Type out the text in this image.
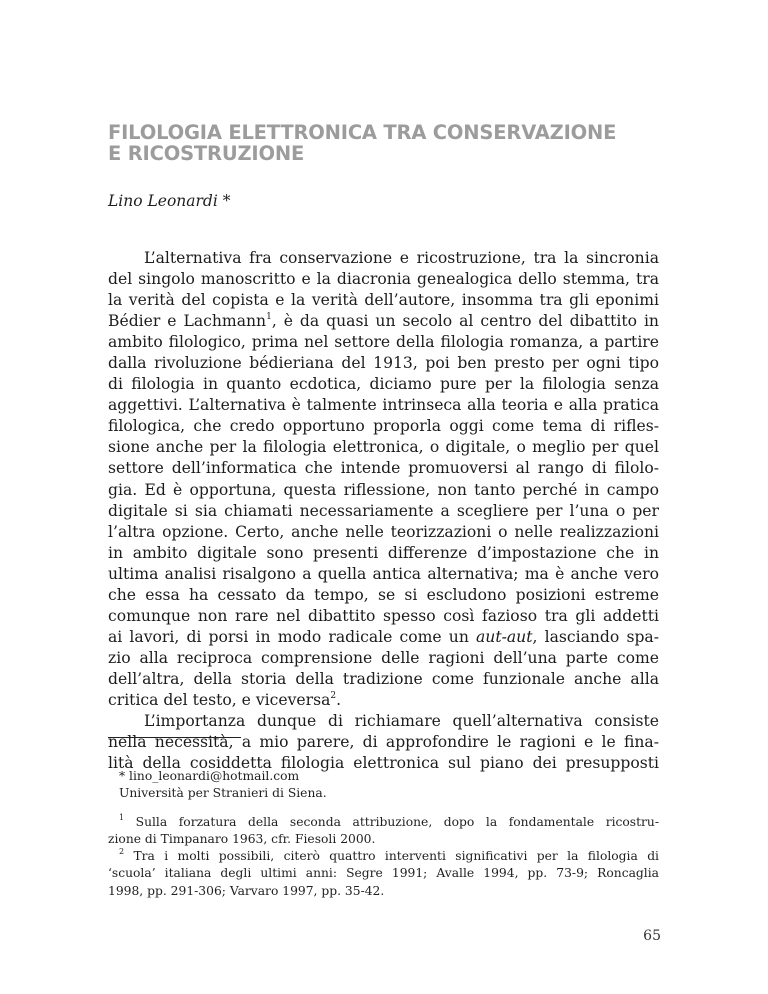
FILOLOGIA ELETTRONICA TRA CONSERVAZIONE
E RICOSTRUZIONE

Lino Leonardi *

L’alternativa fra conservazione e ricostruzione, tra la sincronia
del singolo manoscritto e la diacronia genealogica dello stemma, tra
la verità del copista e la verità dell’autore, insomma tra gli eponimi
Bédier e Lachmann$^1$, è da quasi un secolo al centro del dibattito in
ambito filologico, prima nel settore della filologia romanza, a partire
dalla rivoluzione bédieriana del 1913, poi ben presto per ogni tipo
di filologia in quanto ecdotica, diciamo pure per la filologia senza
aggettivi. L’alternativa è talmente intrinseca alla teoria e alla pratica
filologica, che credo opportuno proporla oggi come tema di rifles-
sione anche per la filologia elettronica, o digitale, o meglio per quel
settore dell’informatica che intende promuoversi al rango di filolo-
gia. Ed è opportuna, questa riflessione, non tanto perché in campo
digitale si sia chiamati necessariamente a scegliere per l’una o per
l’altra opzione. Certo, anche nelle teorizzazioni o nelle realizzazioni
in ambito digitale sono presenti differenze d’impostazione che in
ultima analisi risalgono a quella antica alternativa; ma è anche vero
che essa ha cessato da tempo, se si escludono posizioni estreme
comunque non rare nel dibattito spesso così fazioso tra gli addetti
ai lavori, di porsi in modo radicale come un aut-aut, lasciando spa-
zio alla reciproca comprensione delle ragioni dell’una parte come
dell’altra, della storia della tradizione come funzionale anche alla
critica del testo, e viceversa$^2$.
L’importanza dunque di richiamare quell’alternativa consiste
nella necessità, a mio parere, di approfondire le ragioni e le fina-
lità della cosiddetta filologia elettronica sul piano dei presupposti
* lino_leonardi@hotmail.com
Università per Stranieri di Siena.
$^1$ Sulla forzatura della seconda attribuzione, dopo la fondamentale ricostru-
zione di Timpanaro 1963, cfr. Fiesoli 2000.
$^2$ Tra i molti possibili, citerò quattro interventi significativi per la filologia di
‘scuola’ italiana degli ultimi anni: Segre 1991; Avalle 1994, pp. 73-9; Roncaglia
1998, pp. 291-306; Varvaro 1997, pp. 35-42.
65
